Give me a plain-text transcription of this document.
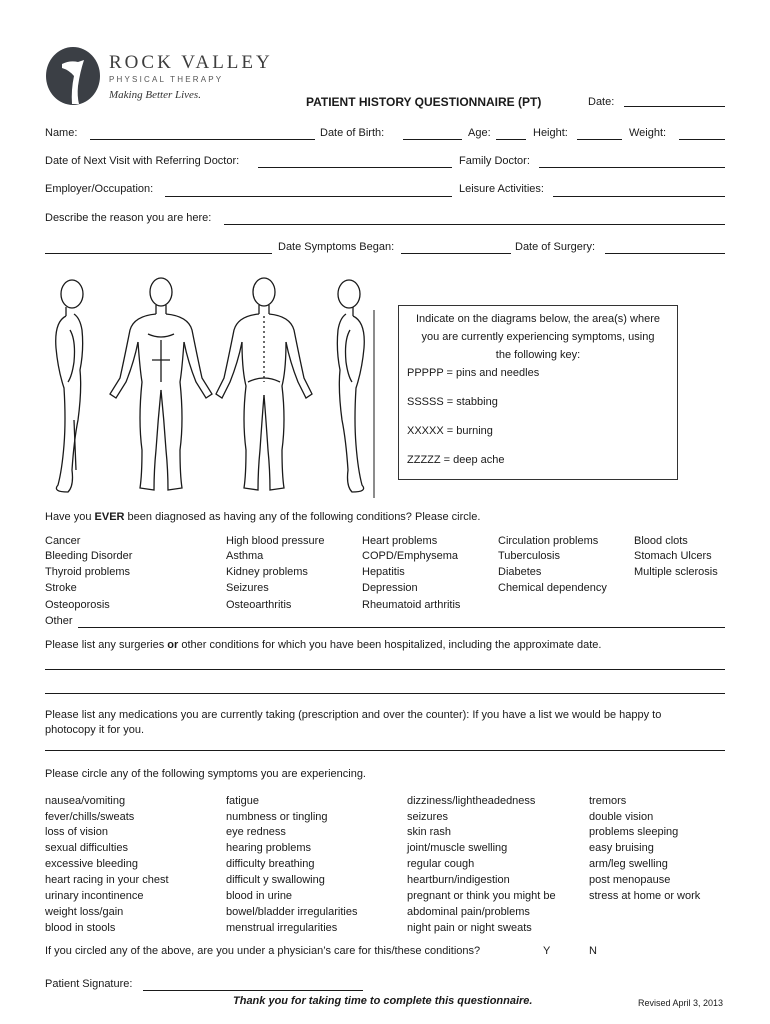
ROCK VALLEY
PHYSICAL THERAPY
Making Better Lives.	PATIENT HISTORY QUESTIONNAIRE (PT)	Date:
Name:	Date of Birth:	Age:	Height:	Weight:
Date of Next Visit with Referring Doctor:	Family Doctor:
Employer/Occupation:	Leisure Activities:
Describe the reason you are here:
Date Symptoms Began:	Date of Surgery:
Indicate on the diagrams below, the area(s) where
you are currently experiencing symptoms, using
the following key:
PPPPP = pins and needles
SSSSS = stabbing
XXXXX = burning
ZZZZZ = deep ache
Have you EVER been diagnosed as having any of the following conditions? Please circle.
Cancer
Bleeding Disorder
Thyroid problems
Stroke
Osteoporosis
High blood pressure
Asthma
Kidney problems
Seizures
Osteoarthritis
Heart problems
COPD/Emphysema
Hepatitis
Depression
Rheumatoid arthritis
Circulation problems
Tuberculosis
Diabetes
Chemical dependency
Blood clots
Stomach Ulcers
Multiple sclerosis
Other
Please list any surgeries or other conditions for which you have been hospitalized, including the approximate date.
Please list any medications you are currently taking (prescription and over the counter): If you have a list we would be happy to
photocopy it for you.
Please circle any of the following symptoms you are experiencing.
nausea/vomiting
fever/chills/sweats
loss of vision
sexual difficulties
excessive bleeding
heart racing in your chest
urinary incontinence
weight loss/gain
blood in stools
fatigue
numbness or tingling
eye redness
hearing problems
difficulty breathing
difficult y swallowing
blood in urine
bowel/bladder irregularities
menstrual irregularities
dizziness/lightheadedness
seizures
skin rash
joint/muscle swelling
regular cough
heartburn/indigestion
pregnant or think you might be
abdominal pain/problems
night pain or night sweats
tremors
double vision
problems sleeping
easy bruising
arm/leg swelling
post menopause
stress at home or work
If you circled any of the above, are you under a physician’s care for this/these conditions?	Y	N
Patient Signature:
Thank you for taking time to complete this questionnaire.	Revised April 3, 2013
